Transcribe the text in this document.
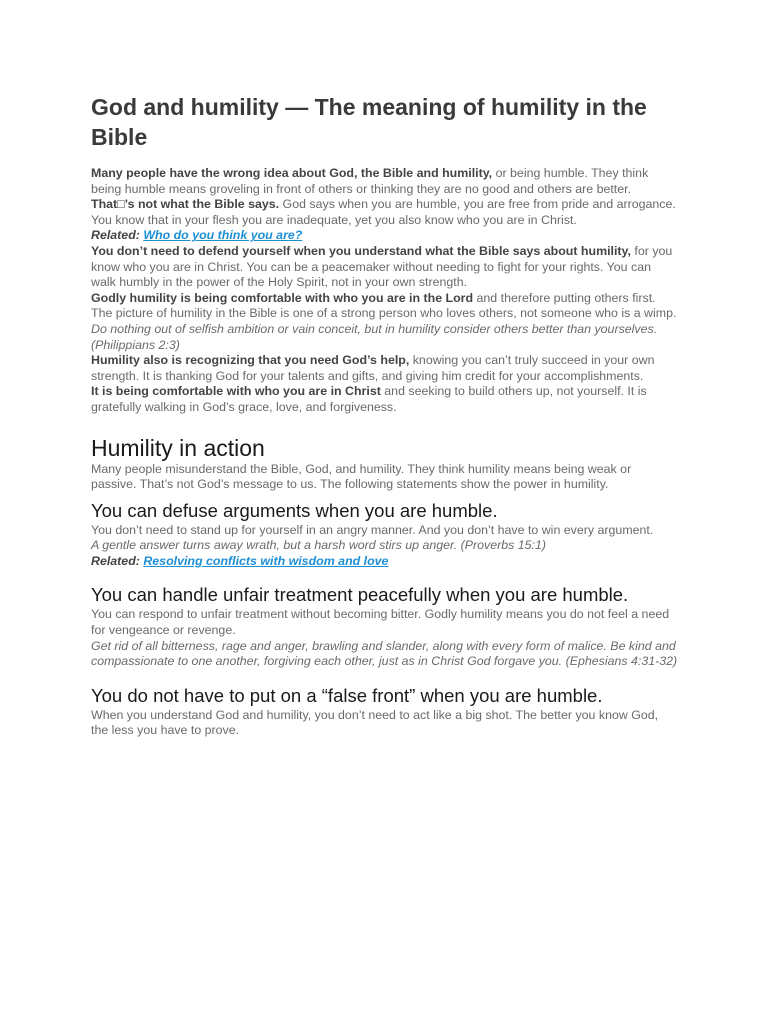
God and humility — The meaning of humility in the Bible

Many people have the wrong idea about God, the Bible and humility, or being humble. They think being humble means groveling in front of others or thinking they are no good and others are better.

That□’s not what the Bible says. God says when you are humble, you are free from pride and arrogance. You know that in your flesh you are inadequate, yet you also know who you are in Christ.

Related: Who do you think you are?

You don’t need to defend yourself when you understand what the Bible says about humility, for you know who you are in Christ. You can be a peacemaker without needing to fight for your rights. You can walk humbly in the power of the Holy Spirit, not in your own strength.

Godly humility is being comfortable with who you are in the Lord and therefore putting others first. The picture of humility in the Bible is one of a strong person who loves others, not someone who is a wimp.

Do nothing out of selfish ambition or vain conceit, but in humility consider others better than yourselves. (Philippians 2:3)

Humility also is recognizing that you need God’s help, knowing you can’t truly succeed in your own strength. It is thanking God for your talents and gifts, and giving him credit for your accomplishments.

It is being comfortable with who you are in Christ and seeking to build others up, not yourself. It is gratefully walking in God’s grace, love, and forgiveness.

Humility in action

Many people misunderstand the Bible, God, and humility. They think humility means being weak or passive. That’s not God’s message to us. The following statements show the power in humility.

You can defuse arguments when you are humble.

You don’t need to stand up for yourself in an angry manner. And you don’t have to win every argument.

A gentle answer turns away wrath, but a harsh word stirs up anger. (Proverbs 15:1)

Related: Resolving conflicts with wisdom and love

You can handle unfair treatment peacefully when you are humble.

You can respond to unfair treatment without becoming bitter. Godly humility means you do not feel a need for vengeance or revenge.

Get rid of all bitterness, rage and anger, brawling and slander, along with every form of malice. Be kind and compassionate to one another, forgiving each other, just as in Christ God forgave you. (Ephesians 4:31-32)

You do not have to put on a “false front” when you are humble.

When you understand God and humility, you don’t need to act like a big shot. The better you know God, the less you have to prove.
